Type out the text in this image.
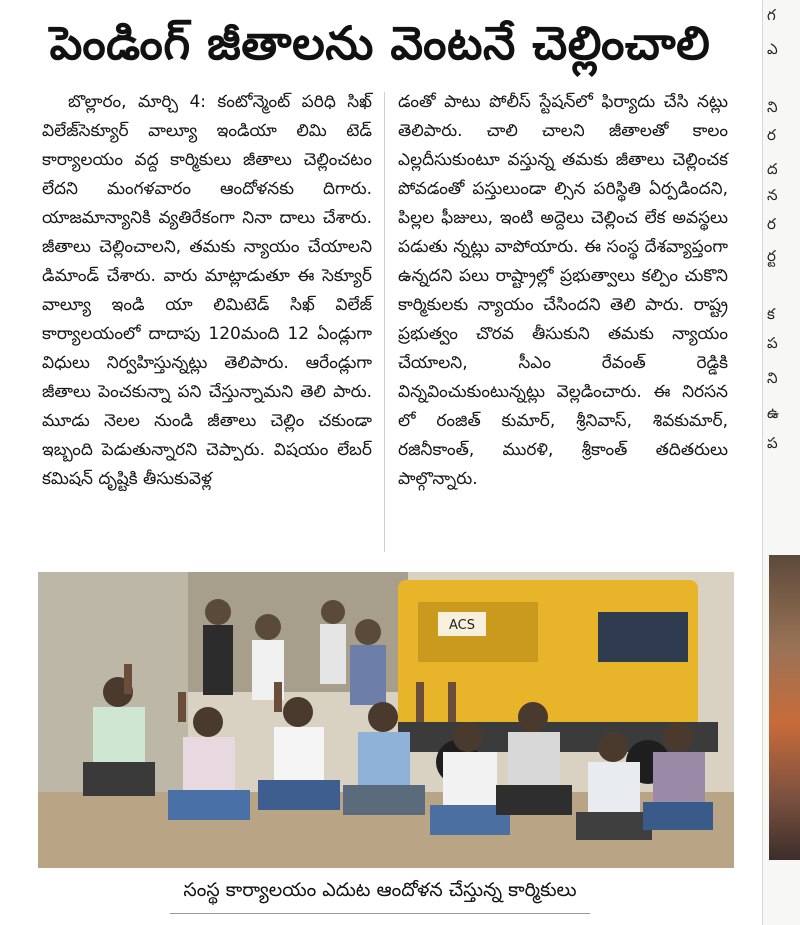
పెండింగ్ జీతాలను వెంటనే చెల్లించాలి

బొల్లారం, మార్చి 4: కంటోన్మెంట్ పరిధి సిఖ్ విలేజ్‌సెక్యూర్ వాల్యూ ఇండియా లిమి టెడ్ కార్యాలయం వద్ద కార్మికులు జీతాలు చెల్లించటం లేదని మంగళవారం ఆందోళనకు దిగారు. యాజమాన్యానికి వ్యతిరేకంగా నినా దాలు చేశారు. జీతాలు చెల్లించాలని, తమకు న్యాయం చేయాలని డిమాండ్ చేశారు. వారు మాట్లాడుతూ ఈ సెక్యూర్ వాల్యూ ఇండి యా లిమిటెడ్ సిఖ్ విలేజ్ కార్యాలయంలో దాదాపు 120మంది 12 ఏండ్లుగా విధులు నిర్వహిస్తున్నట్లు తెలిపారు. ఆరేండ్లుగా జీతాలు పెంచకున్నా పని చేస్తున్నామని తెలి పారు. మూడు నెలల నుండి జీతాలు చెల్లిం చకుండా ఇబ్బంది పెడుతున్నారని చెప్పారు. విషయం లేబర్ కమిషన్ దృష్టికి తీసుకువెళ్ల

డంతో పాటు పోలీస్ స్టేషన్‌లో ఫిర్యాదు చేసి నట్లు తెలిపారు. చాలి చాలని జీతాలతో కాలం ఎల్లదీసుకుంటూ వస్తున్న తమకు జీతాలు చెల్లించక పోవడంతో పస్తులుండా ల్సిన పరిస్థితి ఏర్పడిందని, పిల్లల ఫీజులు, ఇంటి అద్దెలు చెల్లించ లేక అవస్థలు పడుతు న్నట్లు వాపోయారు. ఈ సంస్థ దేశవ్యాప్తంగా ఉన్నదని పలు రాష్ట్రాల్లో ప్రభుత్వాలు కల్పిం చుకొని కార్మికులకు న్యాయం చేసిందని తెలి పారు. రాష్ట్ర ప్రభుత్వం చొరవ తీసుకుని తమకు న్యాయం చేయాలని, సీఎం రేవంత్ రెడ్డికి విన్నవించుకుంటున్నట్లు వెల్లడించారు. ఈ నిరసన లో రంజిత్ కుమార్, శ్రీనివాస్, శివకుమార్, రజినీకాంత్, మురళి, శ్రీకాంత్ తదితరులు పాల్గొన్నారు.

ACS
సంస్థ కార్యాలయం ఎదుట ఆందోళన చేస్తున్న కార్మికులు
గ
ఎ
ని
ర
ద
న
ర
ర్ట
క
ప
ని
ఉ
ప
